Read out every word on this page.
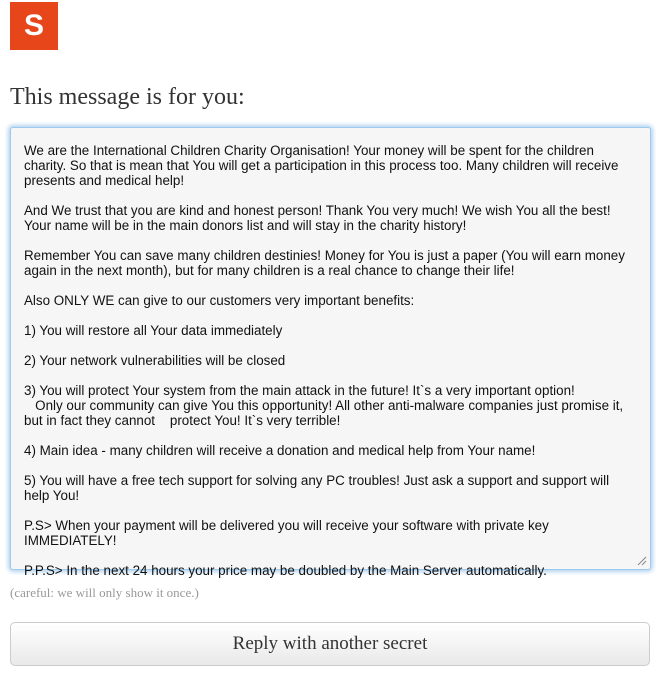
S
This message is for you:
We are the International Children Charity Organisation! Your money will be spent for the children charity. So that is mean that You will get a participation in this process too. Many children will receive presents and medical help!

And We trust that you are kind and honest person! Thank You very much! We wish You all the best! Your name will be in the main donors list and will stay in the charity history!

Remember You can save many children destinies! Money for You is just a paper (You will earn money again in the next month), but for many children is a real chance to change their life!

Also ONLY WE can give to our customers very important benefits:

1) You will restore all Your data immediately

2) Your network vulnerabilities will be closed

3) You will protect Your system from the main attack in the future! It`s a very important option!
Only our community can give You this opportunity! All other anti-malware companies just promise it, but in fact they cannot    protect You! It`s very terrible!

4) Main idea - many children will receive a donation and medical help from Your name!

5) You will have a free tech support for solving any PC troubles! Just ask a support and support will help You!

P.S> When your payment will be delivered you will receive your software with private key IMMEDIATELY!

P.P.S> In the next 24 hours your price may be doubled by the Main Server automatically.
(careful: we will only show it once.)
Reply with another secret
